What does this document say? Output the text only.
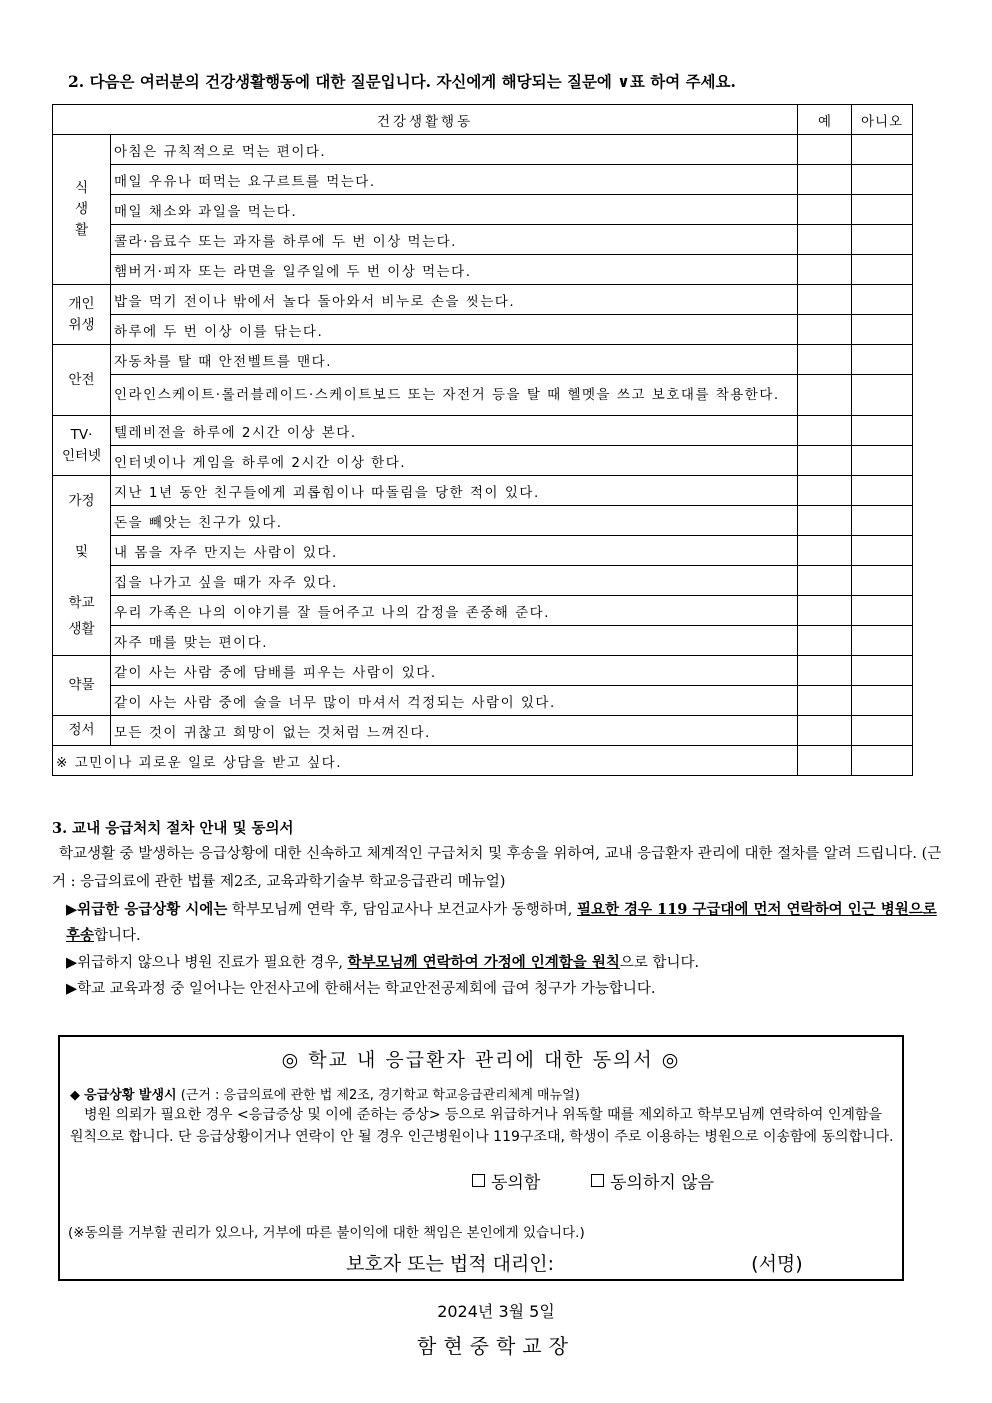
2. 다음은 여러분의 건강생활행동에 대한 질문입니다. 자신에게 해당되는 질문에 ∨표 하여 주세요.
건강생활행동		예	아니오
식
생
활	아침은 규칙적으로 먹는 편이다.		
	매일 우유나 떠먹는 요구르트를 먹는다.		
	매일 채소와 과일을 먹는다.		
	콜라·음료수 또는 과자를 하루에 두 번 이상 먹는다.		
	햄버거·피자 또는 라면을 일주일에 두 번 이상 먹는다.		
개인
위생	밥을 먹기 전이나 밖에서 놀다 돌아와서 비누로 손을 씻는다.		
	하루에 두 번 이상 이를 닦는다.		
안전	자동차를 탈 때 안전벨트를 맨다.		
	인라인스케이트·롤러블레이드·스케이트보드 또는 자전거 등을 탈 때 헬멧을 쓰고 보호대를 착용한다.		
TV·
인터넷	텔레비전을 하루에 2시간 이상 본다.		
	인터넷이나 게임을 하루에 2시간 이상 한다.		
가정

및

학교
생활	지난 1년 동안 친구들에게 괴롭힘이나 따돌림을 당한 적이 있다.		
	돈을 빼앗는 친구가 있다.		
	내 몸을 자주 만지는 사람이 있다.		
	집을 나가고 싶을 때가 자주 있다.		
	우리 가족은 나의 이야기를 잘 들어주고 나의 감정을 존중해 준다.		
	자주 매를 맞는 편이다.		
약물	같이 사는 사람 중에 담배를 피우는 사람이 있다.		
	같이 사는 사람 중에 술을 너무 많이 마셔서 걱정되는 사람이 있다.		
정서	모든 것이 귀찮고 희망이 없는 것처럼 느껴진다.		
※ 고민이나 괴로운 일로 상담을 받고 싶다.			
3. 교내 응급처치 절차 안내 및 동의서
학교생활 중 발생하는 응급상황에 대한 신속하고 체계적인 구급처치 및 후송을 위하여, 교내 응급환자 관리에 대한 절차를 알려 드립니다. (근거 : 응급의료에 관한 법률 제2조, 교육과학기술부 학교응급관리 메뉴얼)
▶위급한 응급상황 시에는 학부모님께 연락 후, 담임교사나 보건교사가 동행하며, 필요한 경우 119 구급대에 먼저 연락하여 인근 병원으로 후송합니다.
▶위급하지 않으나 병원 진료가 필요한 경우, 학부모님께 연락하여 가정에 인계함을 원칙으로 합니다.
▶학교 교육과정 중 일어나는 안전사고에 한해서는 학교안전공제회에 급여 청구가 가능합니다.
◎ 학교 내 응급환자 관리에 대한 동의서 ◎
◆ 응급상황 발생시 (근거 : 응급의료에 관한 법 제2조, 경기학교 학교응급관리체계 매뉴얼)
병원 의뢰가 필요한 경우 <응급증상 및 이에 준하는 증상> 등으로 위급하거나 위독할 때를 제외하고 학부모님께 연락하여 인계함을 원칙으로 합니다. 단 응급상황이거나 연락이 안 될 경우 인근병원이나 119구조대, 학생이 주로 이용하는 병원으로 이송함에 동의합니다.
동의함	동의하지 않음
(※동의를 거부할 권리가 있으나, 거부에 따른 불이익에 대한 책임은 본인에게 있습니다.)
보호자 또는 법적 대리인:	(서명)
2024년 3월 5일
함현중학교장
